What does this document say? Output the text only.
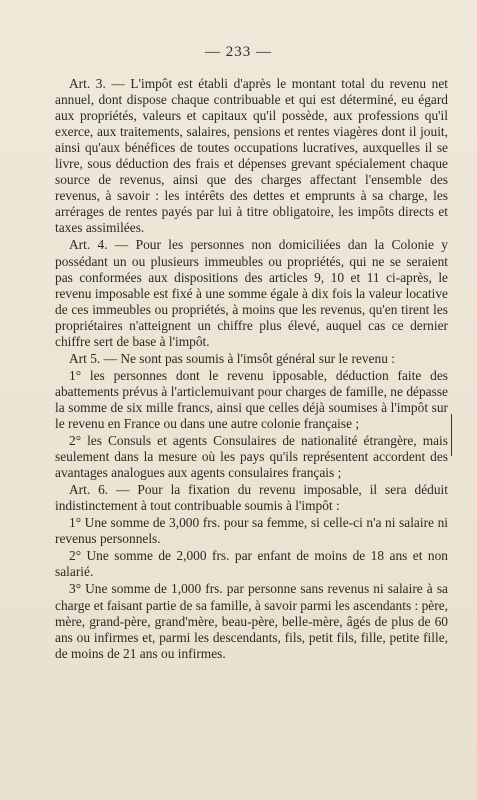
— 233 —

Art. 3. — L'impôt est établi d'après le montant total du revenu net annuel, dont dispose chaque contribuable et qui est déterminé, eu égard aux propriétés, valeurs et capitaux qu'il possède, aux professions qu'il exerce, aux traitements, salaires, pensions et rentes viagères dont il jouit, ainsi qu'aux bénéfices de toutes occupations lucratives, auxquelles il se livre, sous déduction des frais et dépenses grevant spécialement chaque source de revenus, ainsi que des charges affectant l'ensemble des revenus, à savoir : les intérêts des dettes et emprunts à sa charge, les arrérages de rentes payés par lui à titre obligatoire, les impôts directs et taxes assimilées.

Art. 4. — Pour les personnes non domiciliées dan la Colonie y possédant un ou plusieurs immeubles ou propriétés, qui ne se seraient pas conformées aux dispositions des articles 9, 10 et 11 ci-après, le revenu imposable est fixé à une somme égale à dix fois la valeur locative de ces immeubles ou propriétés, à moins que les revenus, qu'en tirent les propriétaires n'atteignent un chiffre plus élevé, auquel cas ce dernier chiffre sert de base à l'impôt.

Art 5. — Ne sont pas soumis à l'imsôt général sur le revenu :

1° les personnes dont le revenu ipposable, déduction faite des abattements prévus à l'articlemuivant pour charges de famille, ne dépasse la somme de six mille francs, ainsi que celles déjà soumises à l'impôt sur le revenu en France ou dans une autre colonie française ;

2° les Consuls et agents Consulaires de nationalité étrangère, mais seulement dans la mesure où les pays qu'ils représentent accordent des avantages analogues aux agents consulaires français ;

Art. 6. — Pour la fixation du revenu imposable, il sera déduit indistinctement à tout contribuable soumis à l'impôt :

1° Une somme de 3,000 frs. pour sa femme, si celle-ci n'a ni salaire ni revenus personnels.

2° Une somme de 2,000 frs. par enfant de moins de 18 ans et non salarié.

3° Une somme de 1,000 frs. par personne sans revenus ni salaire à sa charge et faisant partie de sa famille, à savoir parmi les ascendants : père, mère, grand-père, grand'mère, beau-père, belle-mère, âgés de plus de 60 ans ou infirmes et, parmi les descendants, fils, petit fils, fille, petite fille, de moins de 21 ans ou infirmes.
